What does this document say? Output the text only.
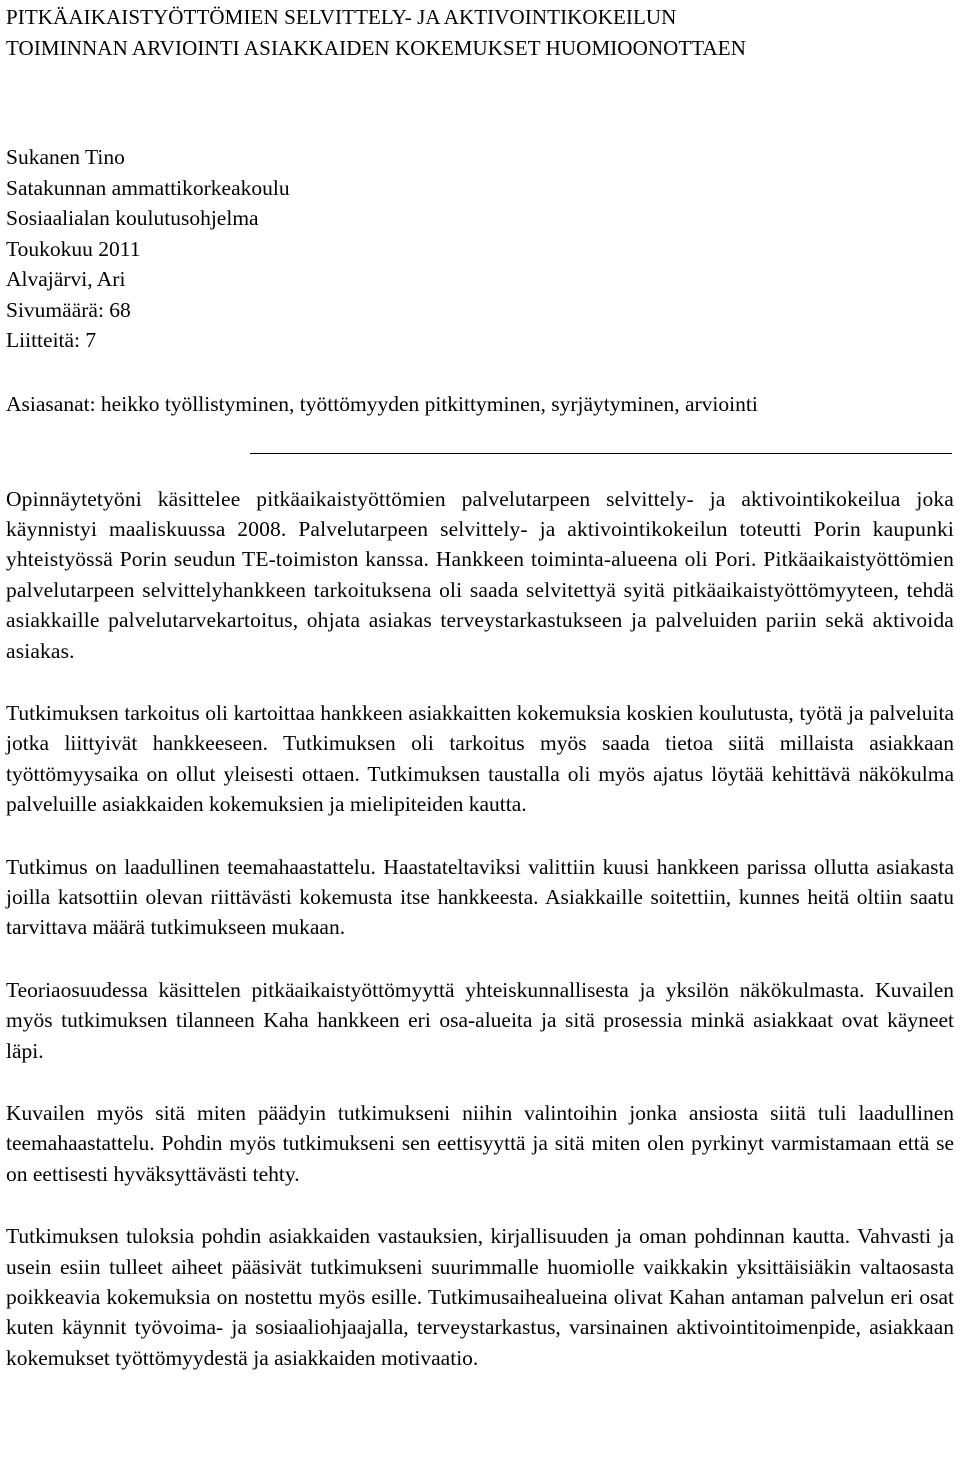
PITKÄAIKAISTYÖTTÖMIEN SELVITTELY- JA AKTIVOINTIKOKEILUN
TOIMINNAN ARVIOINTI ASIAKKAIDEN KOKEMUKSET HUOMIOONOTTAEN
Sukanen Tino
Satakunnan ammattikorkeakoulu
Sosiaalialan koulutusohjelma
Toukokuu 2011
Alvajärvi, Ari
Sivumäärä: 68
Liitteitä: 7
Asiasanat: heikko työllistyminen, työttömyyden pitkittyminen, syrjäytyminen, arviointi

Opinnäytetyöni käsittelee pitkäaikaistyöttömien palvelutarpeen selvittely- ja aktivointikokeilua joka käynnistyi maaliskuussa 2008. Palvelutarpeen selvittely- ja aktivointikokeilun toteutti Porin kaupunki yhteistyössä Porin seudun TE-toimiston kanssa. Hankkeen toiminta-alueena oli Pori. Pitkäaikaistyöttömien palvelutarpeen selvittelyhankkeen tarkoituksena oli saada selvitettyä syitä pitkäaikaistyöttömyyteen, tehdä asiakkaille palvelutarvekartoitus, ohjata asiakas terveystarkastukseen ja palveluiden pariin sekä aktivoida asiakas.

Tutkimuksen tarkoitus oli kartoittaa hankkeen asiakkaitten kokemuksia koskien koulutusta, työtä ja palveluita jotka liittyivät hankkeeseen. Tutkimuksen oli tarkoitus myös saada tietoa siitä millaista asiakkaan työttömyysaika on ollut yleisesti ottaen. Tutkimuksen taustalla oli myös ajatus löytää kehittävä näkökulma palveluille asiakkaiden kokemuksien ja mielipiteiden kautta.

Tutkimus on laadullinen teemahaastattelu. Haastateltaviksi valittiin kuusi hankkeen parissa ollutta asiakasta joilla katsottiin olevan riittävästi kokemusta itse hankkeesta. Asiakkaille soitettiin, kunnes heitä oltiin saatu tarvittava määrä tutkimukseen mukaan.

Teoriaosuudessa käsittelen pitkäaikaistyöttömyyttä yhteiskunnallisesta ja yksilön näkökulmasta. Kuvailen myös tutkimuksen tilanneen Kaha hankkeen eri osa-alueita ja sitä prosessia minkä asiakkaat ovat käyneet läpi.

Kuvailen myös sitä miten päädyin tutkimukseni niihin valintoihin jonka ansiosta siitä tuli laadullinen teemahaastattelu. Pohdin myös tutkimukseni sen eettisyyttä ja sitä miten olen pyrkinyt varmistamaan että se on eettisesti hyväksyttävästi tehty.

Tutkimuksen tuloksia pohdin asiakkaiden vastauksien, kirjallisuuden ja oman pohdinnan kautta. Vahvasti ja usein esiin tulleet aiheet pääsivät tutkimukseni suurimmalle huomiolle vaikkakin yksittäisiäkin valtaosasta poikkeavia kokemuksia on nostettu myös esille. Tutkimusaihealueina olivat Kahan antaman palvelun eri osat kuten käynnit työvoima- ja sosiaaliohjaajalla, terveystarkastus, varsinainen aktivointitoimenpide, asiakkaan kokemukset työttömyydestä ja asiakkaiden motivaatio.
